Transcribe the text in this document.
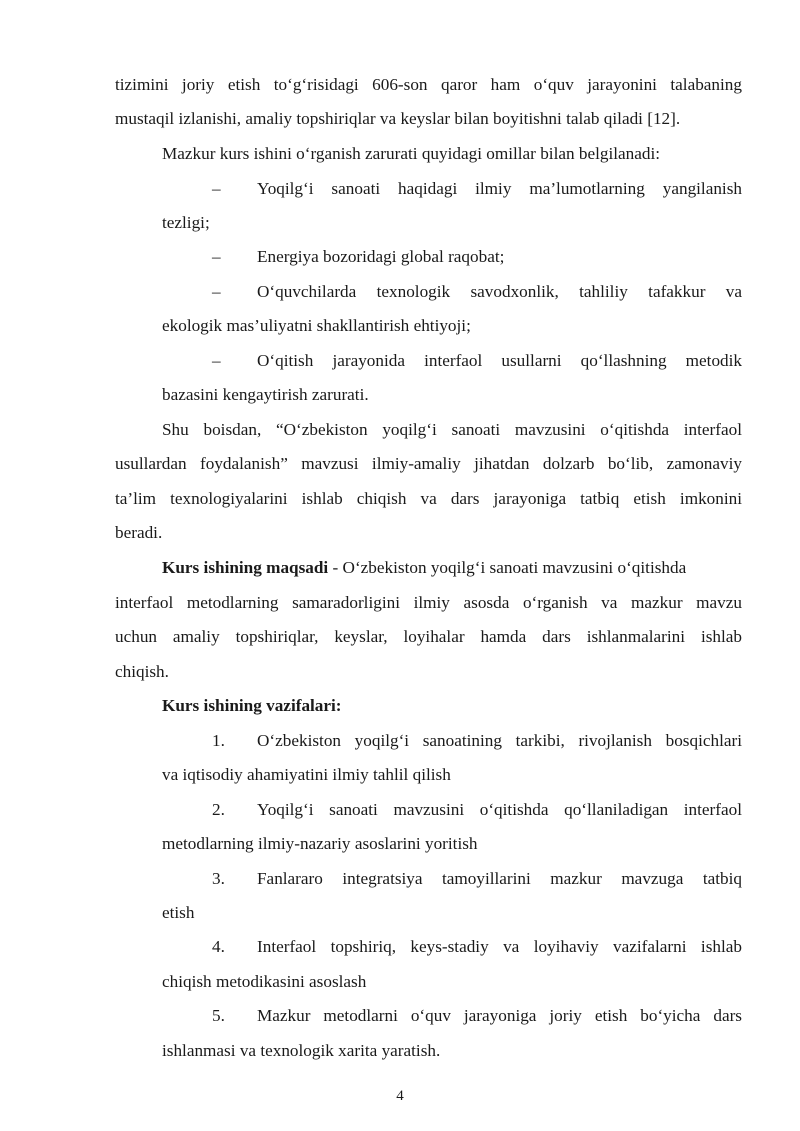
tizimini joriy etish to‘g‘risidagi 606-son qaror ham o‘quv jarayonini talabaning
mustaqil izlanishi, amaliy topshiriqlar va keyslar bilan boyitishni talab qiladi [12].
Mazkur kurs ishini o‘rganish zarurati quyidagi omillar bilan belgilanadi:
– Yoqilg‘i sanoati haqidagi ilmiy ma’lumotlarning yangilanish
tezligi;
– Energiya bozoridagi global raqobat;
– O‘quvchilarda texnologik savodxonlik, tahliliy tafakkur va
ekologik mas’uliyatni shakllantirish ehtiyoji;
– O‘qitish jarayonida interfaol usullarni qo‘llashning metodik
bazasini kengaytirish zarurati.
Shu boisdan, “O‘zbekiston yoqilg‘i sanoati mavzusini o‘qitishda interfaol
usullardan foydalanish” mavzusi ilmiy-amaliy jihatdan dolzarb bo‘lib, zamonaviy
ta’lim texnologiyalarini ishlab chiqish va dars jarayoniga tatbiq etish imkonini
beradi.
Kurs ishining maqsadi - O‘zbekiston yoqilg‘i sanoati mavzusini o‘qitishda
interfaol metodlarning samaradorligini ilmiy asosda o‘rganish va mazkur mavzu
uchun amaliy topshiriqlar, keyslar, loyihalar hamda dars ishlanmalarini ishlab
chiqish.
Kurs ishining vazifalari:
1. O‘zbekiston yoqilg‘i sanoatining tarkibi, rivojlanish bosqichlari
va iqtisodiy ahamiyatini ilmiy tahlil qilish
2. Yoqilg‘i sanoati mavzusini o‘qitishda qo‘llaniladigan interfaol
metodlarning ilmiy-nazariy asoslarini yoritish
3. Fanlararo integratsiya tamoyillarini mazkur mavzuga tatbiq
etish
4. Interfaol topshiriq, keys-stadiy va loyihaviy vazifalarni ishlab
chiqish metodikasini asoslash
5. Mazkur metodlarni o‘quv jarayoniga joriy etish bo‘yicha dars
ishlanmasi va texnologik xarita yaratish.
4
